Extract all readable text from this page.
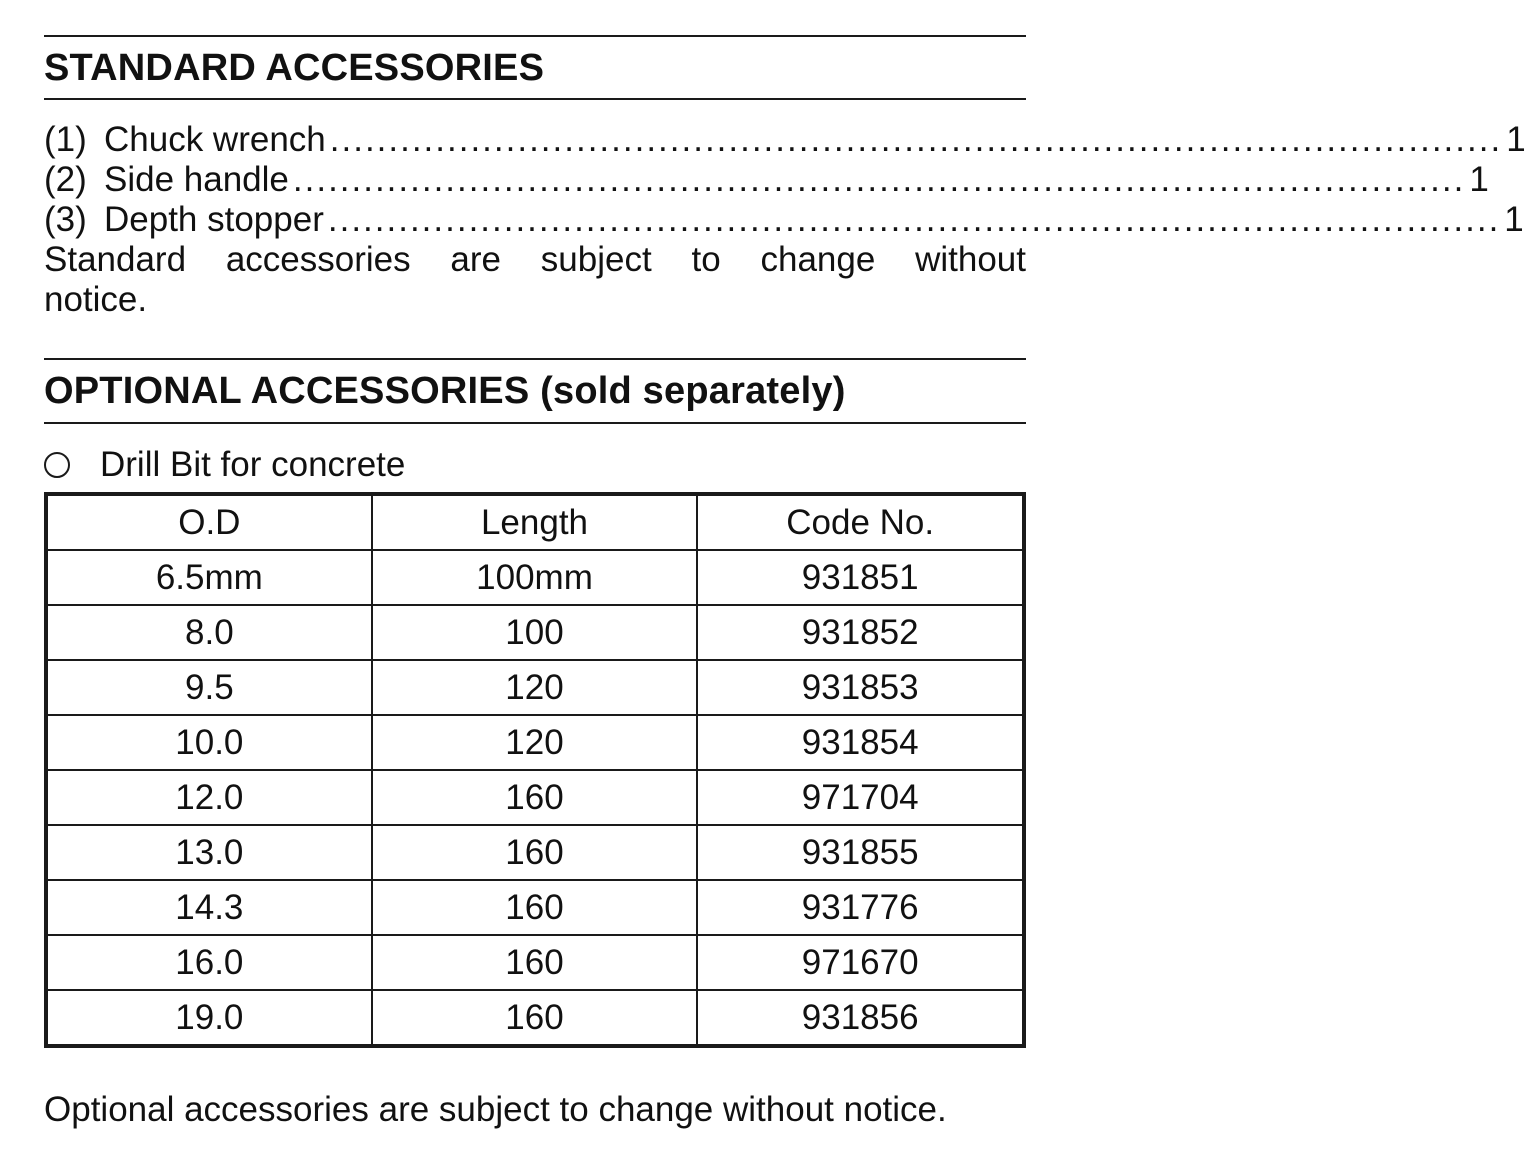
STANDARD ACCESSORIES
(1) Chuck wrench .................................................................................................... 1
(2) Side handle .................................................................................................... 1
(3) Depth stopper .................................................................................................... 1
Standard accessories are subject to change without notice.
OPTIONAL ACCESSORIES (sold separately)
Drill Bit for concrete
O.D	Length	Code No.
6.5mm	100mm	931851
8.0	100	931852
9.5	120	931853
10.0	120	931854
12.0	160	971704
13.0	160	931855
14.3	160	931776
16.0	160	971670
19.0	160	931856
Optional accessories are subject to change without notice.
